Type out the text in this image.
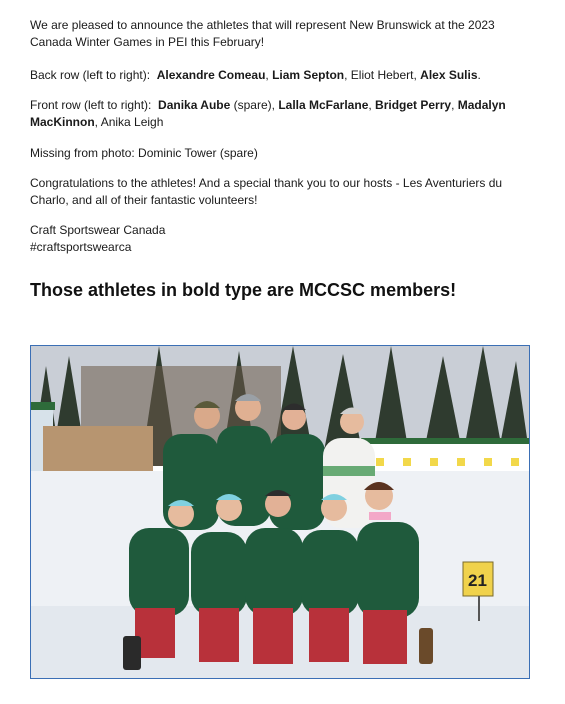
We are pleased to announce the athletes that will represent New Brunswick at the 2023
Canada Winter Games in PEI this February!

Back row (left to right): Alexandre Comeau, Liam Septon, Eliot Hebert, Alex Sulis.

Front row (left to right): Danika Aube (spare), Lalla McFarlane, Bridget Perry, Madalyn MacKinnon, Anika Leigh

Missing from photo: Dominic Tower (spare)

Congratulations to the athletes! And a special thank you to our hosts - Les Aventuriers du
Charlo, and all of their fantastic volunteers!

Craft Sportswear Canada
#craftsportswearca

Those athletes in bold type are MCCSC members!

21
